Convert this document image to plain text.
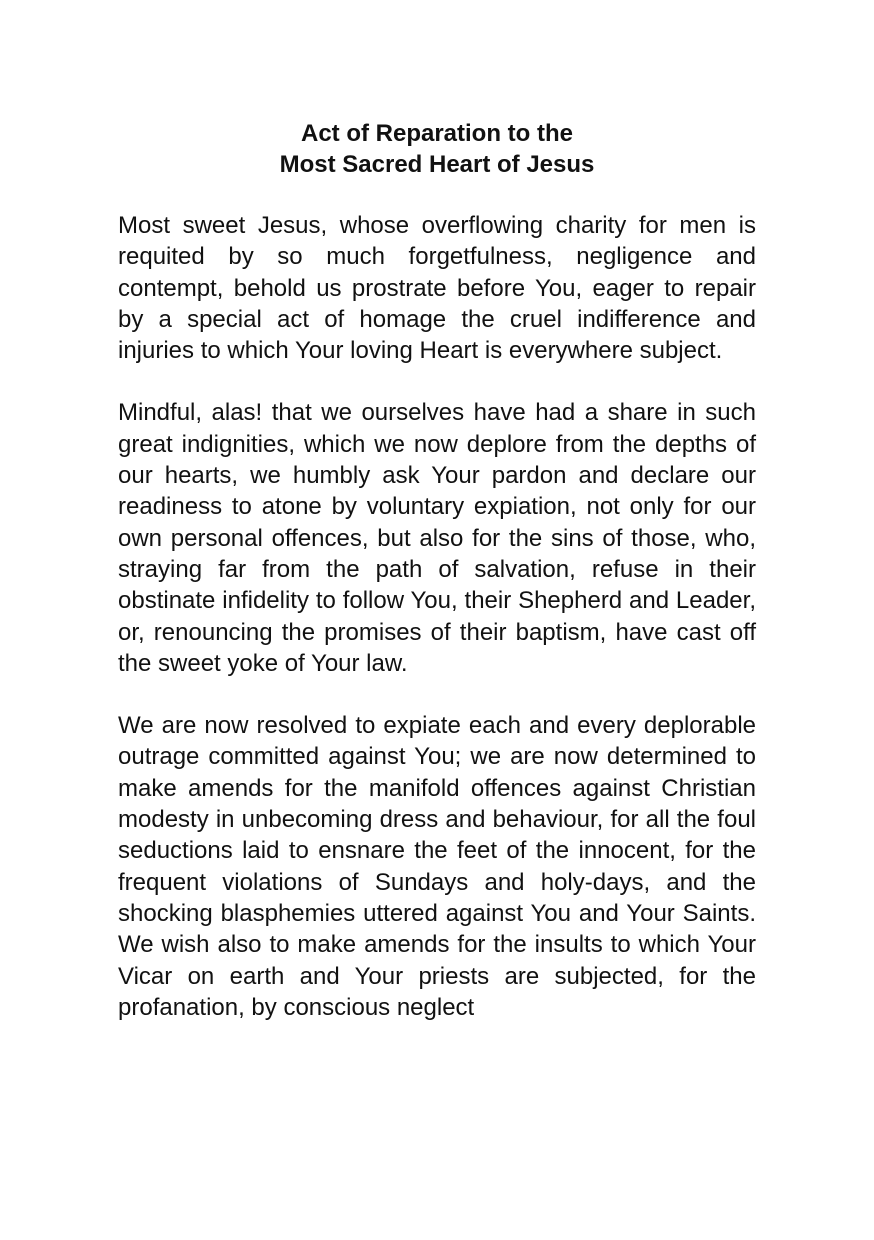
Act of Reparation to the
Most Sacred Heart of Jesus

Most sweet Jesus, whose overflowing charity for men is requited by so much forgetfulness, negligence and contempt, behold us prostrate before You, eager to repair by a special act of homage the cruel indifference and injuries to which Your loving Heart is everywhere subject.

Mindful, alas! that we ourselves have had a share in such great indignities, which we now deplore from the depths of our hearts, we humbly ask Your pardon and declare our readiness to atone by voluntary expiation, not only for our own personal offences, but also for the sins of those, who, straying far from the path of salvation, refuse in their obstinate infidelity to follow You, their Shepherd and Leader, or, renouncing the promises of their baptism, have cast off the sweet yoke of Your law.

We are now resolved to expiate each and every deplorable outrage committed against You; we are now determined to make amends for the manifold offences against Christian modesty in unbecoming dress and behaviour, for all the foul seductions laid to ensnare the feet of the innocent, for the frequent violations of Sundays and holy-days, and the shocking blasphemies uttered against You and Your Saints. We wish also to make amends for the insults to which Your Vicar on earth and Your priests are subjected, for the profanation, by conscious neglect
